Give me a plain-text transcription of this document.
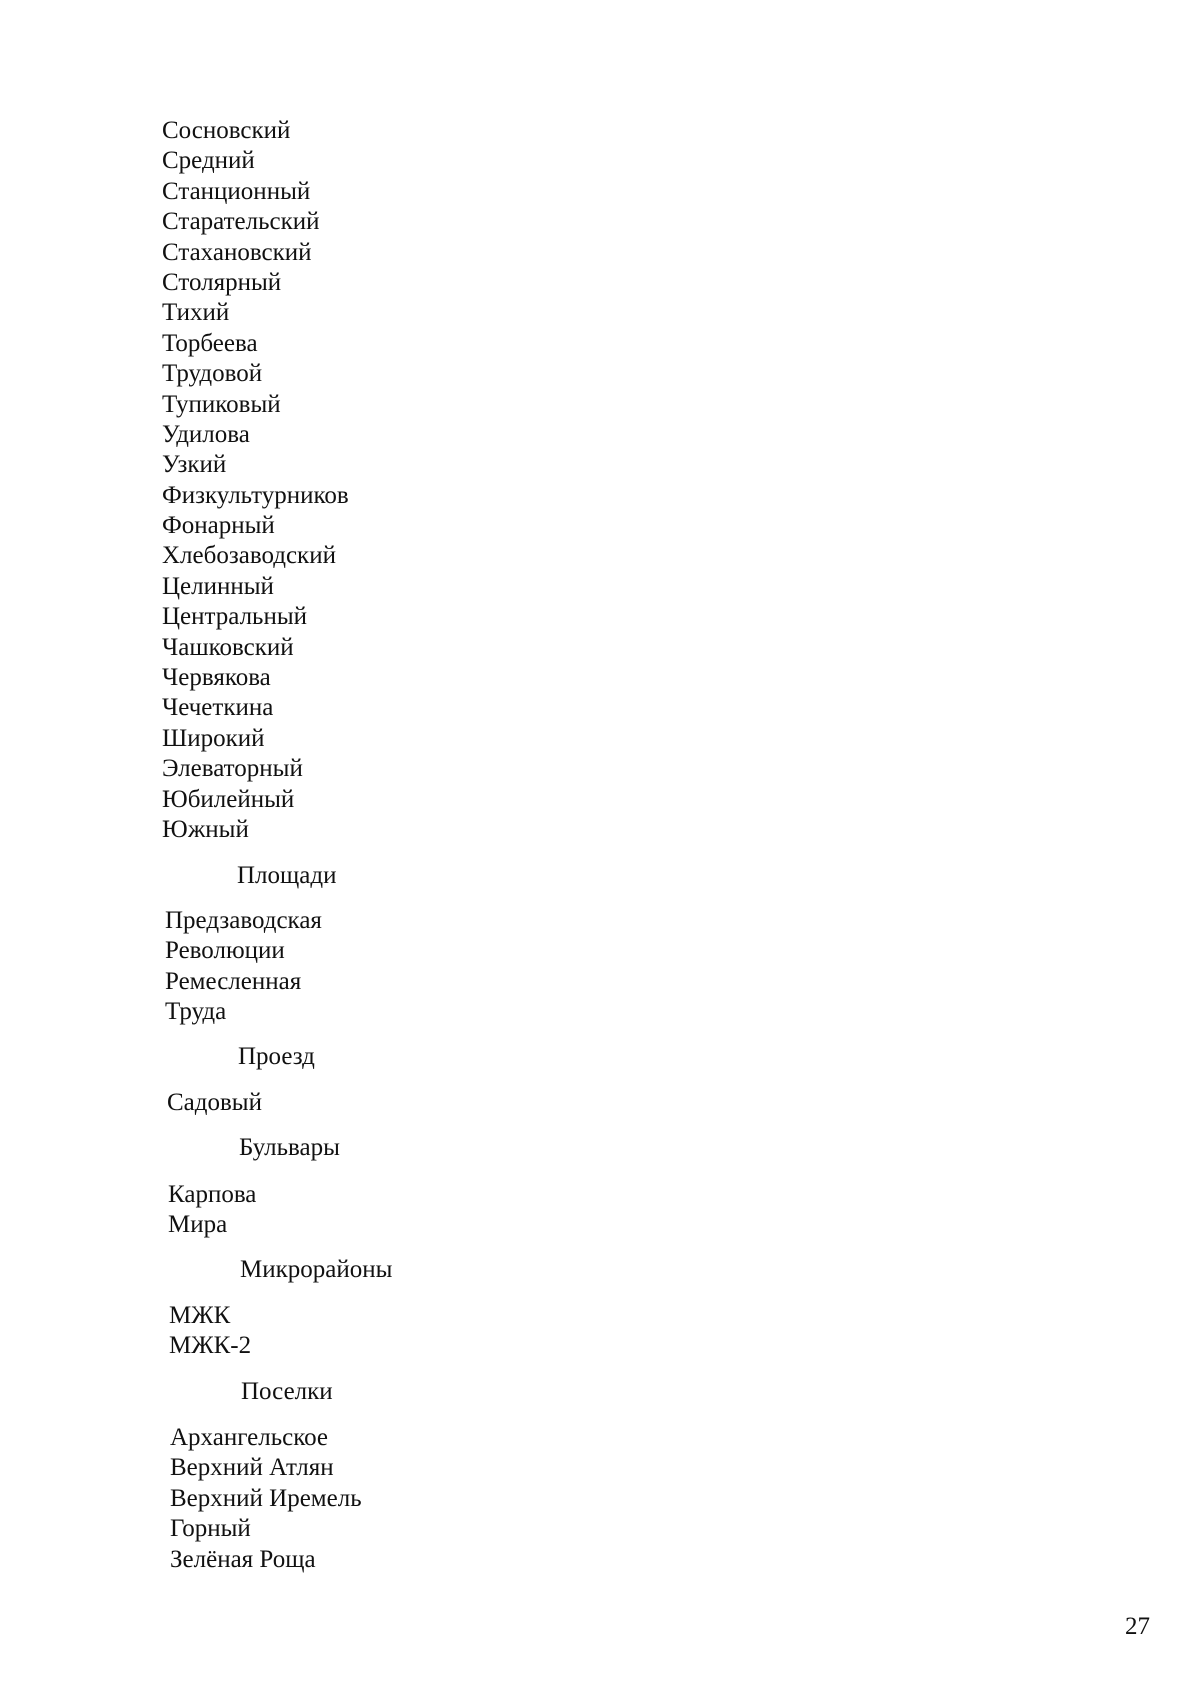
Сосновский
Средний
Станционный
Старательский
Стахановский
Столярный
Тихий
Торбеева
Трудовой
Тупиковый
Удилова
Узкий
Физкультурников
Фонарный
Хлебозаводский
Целинный
Центральный
Чашковский
Червякова
Чечеткина
Широкий
Элеваторный
Юбилейный
Южный
Площади
Предзаводская
Революции
Ремесленная
Труда
Проезд
Садовый
Бульвары
Карпова
Мира
Микрорайоны
МЖК
МЖК-2
Поселки
Архангельское
Верхний Атлян
Верхний Иремель
Горный
Зелёная Роща
27
